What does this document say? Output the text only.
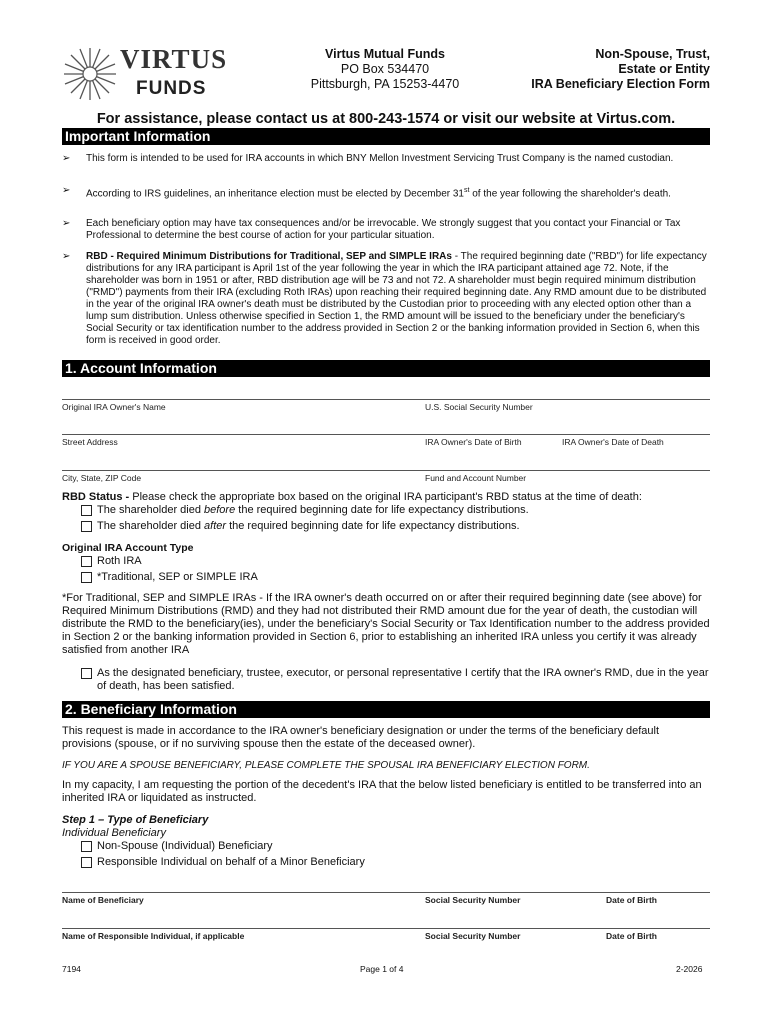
VIRTUS
FUNDS
Virtus Mutual Funds
PO Box 534470
Pittsburgh, PA 15253-4470
Non-Spouse, Trust,
Estate or Entity
IRA Beneficiary Election Form
For assistance, please contact us at 800-243-1574 or visit our website at Virtus.com.
Important Information
➢ This form is intended to be used for IRA accounts in which BNY Mellon Investment Servicing Trust Company is the named custodian.
➢ According to IRS guidelines, an inheritance election must be elected by December 31st of the year following the shareholder's death.
➢ Each beneficiary option may have tax consequences and/or be irrevocable. We strongly suggest that you contact your Financial or Tax Professional to determine the best course of action for your particular situation.
➢ RBD - Required Minimum Distributions for Traditional, SEP and SIMPLE IRAs - The required beginning date ("RBD") for life expectancy distributions for any IRA participant is April 1st of the year following the year in which the IRA participant attained age 72. Note, if the shareholder was born in 1951 or after, RBD distribution age will be 73 and not 72. A shareholder must begin required minimum distribution ("RMD") payments from their IRA (excluding Roth IRAs) upon reaching their required beginning date. Any RMD amount due to be distributed in the year of the original IRA owner's death must be distributed by the Custodian prior to proceeding with any elected option other than a lump sum distribution. Unless otherwise specified in Section 1, the RMD amount will be issued to the beneficiary under the beneficiary's Social Security or tax identification number to the address provided in Section 2 or the banking information provided in Section 6, when this form is received in good order.
1. Account Information
Original IRA Owner's Name	U.S. Social Security Number
Street Address	IRA Owner's Date of Birth	IRA Owner's Date of Death
City, State, ZIP Code	Fund and Account Number
RBD Status - Please check the appropriate box based on the original IRA participant's RBD status at the time of death:
The shareholder died before the required beginning date for life expectancy distributions.
The shareholder died after the required beginning date for life expectancy distributions.
Original IRA Account Type
Roth IRA
*Traditional, SEP or SIMPLE IRA
*For Traditional, SEP and SIMPLE IRAs - If the IRA owner's death occurred on or after their required beginning date (see above) for Required Minimum Distributions (RMD) and they had not distributed their RMD amount due for the year of death, the custodian will distribute the RMD to the beneficiary(ies), under the beneficiary's Social Security or Tax Identification number to the address provided in Section 2 or the banking information provided in Section 6, prior to establishing an inherited IRA unless you certify it was already satisfied from another IRA
As the designated beneficiary, trustee, executor, or personal representative I certify that the IRA owner's RMD, due in the year of death, has been satisfied.
2. Beneficiary Information
This request is made in accordance to the IRA owner's beneficiary designation or under the terms of the beneficiary default provisions (spouse, or if no surviving spouse then the estate of the deceased owner).
IF YOU ARE A SPOUSE BENEFICIARY, PLEASE COMPLETE THE SPOUSAL IRA BENEFICIARY ELECTION FORM.
In my capacity, I am requesting the portion of the decedent's IRA that the below listed beneficiary is entitled to be transferred into an inherited IRA or liquidated as instructed.
Step 1 – Type of Beneficiary
Individual Beneficiary
Non-Spouse (Individual) Beneficiary
Responsible Individual on behalf of a Minor Beneficiary
Name of Beneficiary	Social Security Number	Date of Birth
Name of Responsible Individual, if applicable	Social Security Number	Date of Birth
7194	Page 1 of 4	2-2026
